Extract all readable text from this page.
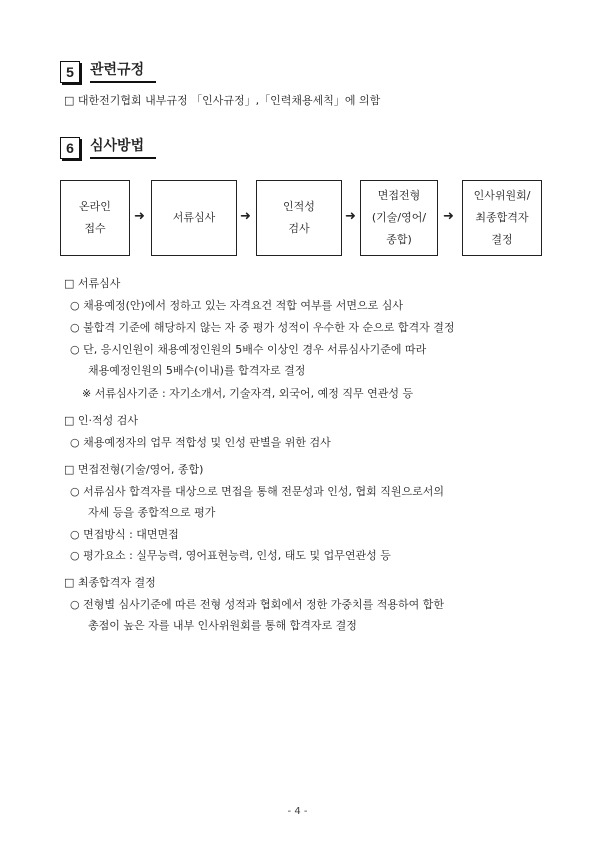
5	관련규정
□ 대한전기협회 내부규정 「인사규정」,「인력채용세칙」에 의함
6	심사방법
온라인
접수
➜	서류심사 ➜
인적성
검사
➜
면접전형
(기술/영어/
종합)
➜
인사위원회/
최종합격자
결정
□ 서류심사
○ 채용예정(안)에서 정하고 있는 자격요건 적합 여부를 서면으로 심사
○ 불합격 기준에 해당하지 않는 자 중 평가 성적이 우수한 자 순으로 합격자 결정
○ 단, 응시인원이 채용예정인원의 5배수 이상인 경우 서류심사기준에 따라
채용예정인원의 5배수(이내)를 합격자로 결정
※ 서류심사기준 : 자기소개서, 기술자격, 외국어, 예정 직무 연관성 등
□ 인·적성 검사
○ 채용예정자의 업무 적합성 및 인성 판별을 위한 검사
□ 면접전형(기술/영어, 종합)
○ 서류심사 합격자를 대상으로 면접을 통해 전문성과 인성, 협회 직원으로서의
자세 등을 종합적으로 평가
○ 면접방식 : 대면면접
○ 평가요소 : 실무능력, 영어표현능력, 인성, 태도 및 업무연관성 등
□ 최종합격자 결정
○ 전형별 심사기준에 따른 전형 성적과 협회에서 정한 가중치를 적용하여 합한
총점이 높은 자를 내부 인사위원회를 통해 합격자로 결정
- 4 -
